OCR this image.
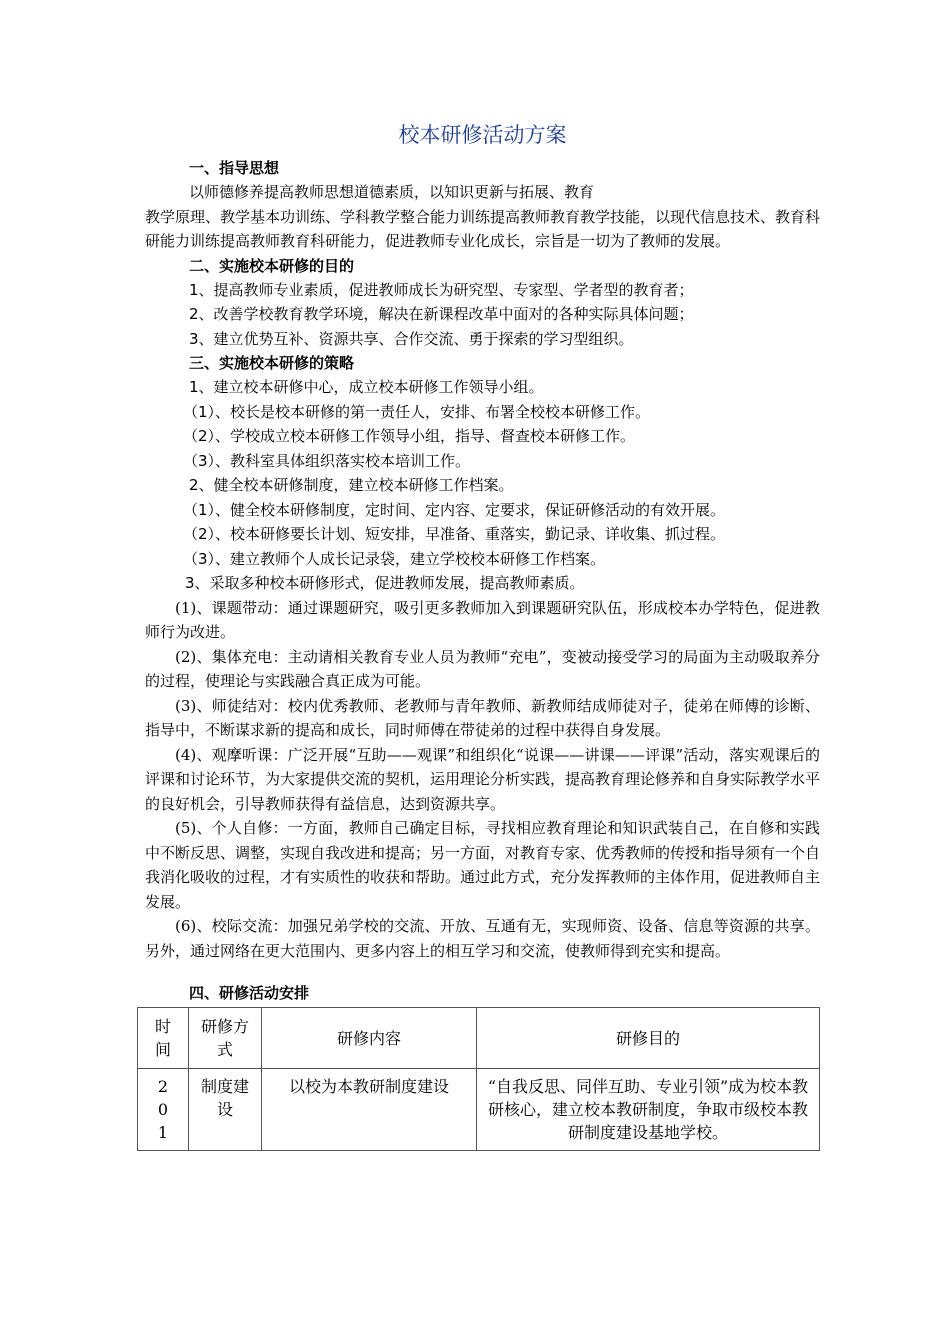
校本研修活动方案
一、指导思想
以师德修养提高教师思想道德素质，以知识更新与拓展、教育
教学原理、教学基本功训练、学科教学整合能力训练提高教师教育教学技能，以现代信息技术、教育科研能力训练提高教师教育科研能力，促进教师专业化成长，宗旨是一切为了教师的发展。
二、实施校本研修的目的
1、提高教师专业素质，促进教师成长为研究型、专家型、学者型的教育者；
2、改善学校教育教学环境，解决在新课程改革中面对的各种实际具体问题；
3、建立优势互补、资源共享、合作交流、勇于探索的学习型组织。
三、实施校本研修的策略
1、建立校本研修中心，成立校本研修工作领导小组。
（1）、校长是校本研修的第一责任人，安排、布署全校校本研修工作。
（2）、学校成立校本研修工作领导小组，指导、督查校本研修工作。
（3）、教科室具体组织落实校本培训工作。
2、健全校本研修制度，建立校本研修工作档案。
（1）、健全校本研修制度，定时间、定内容、定要求，保证研修活动的有效开展。
（2）、校本研修要长计划、短安排，早准备、重落实，勤记录、详收集、抓过程。
（3）、建立教师个人成长记录袋，建立学校校本研修工作档案。
3、采取多种校本研修形式，促进教师发展，提高教师素质。
(1)、课题带动：通过课题研究，吸引更多教师加入到课题研究队伍，形成校本办学特色，促进教师行为改进。
(2)、集体充电：主动请相关教育专业人员为教师“充电”，变被动接受学习的局面为主动吸取养分的过程，使理论与实践融合真正成为可能。
(3)、师徒结对：校内优秀教师、老教师与青年教师、新教师结成师徒对子，徒弟在师傅的诊断、指导中，不断谋求新的提高和成长，同时师傅在带徒弟的过程中获得自身发展。
(4)、观摩听课：广泛开展“互助——观课”和组织化“说课——讲课——评课”活动，落实观课后的评课和讨论环节，为大家提供交流的契机，运用理论分析实践，提高教育理论修养和自身实际教学水平的良好机会，引导教师获得有益信息，达到资源共享。
(5)、个人自修：一方面，教师自己确定目标，寻找相应教育理论和知识武装自己，在自修和实践中不断反思、调整，实现自我改进和提高；另一方面，对教育专家、优秀教师的传授和指导须有一个自我消化吸收的过程，才有实质性的收获和帮助。通过此方式，充分发挥教师的主体作用，促进教师自主发展。
(6)、校际交流：加强兄弟学校的交流、开放、互通有无，实现师资、设备、信息等资源的共享。另外，通过网络在更大范围内、更多内容上的相互学习和交流，使教师得到充实和提高。
四、研修活动安排
时间	研修方式	研修内容	研修目的

201	制度建设	以校为本教研制度建设	“自我反思、同伴互助、专业引领”成为校本教研核心，建立校本教研制度，争取市级校本教研制度建设基地学校。
